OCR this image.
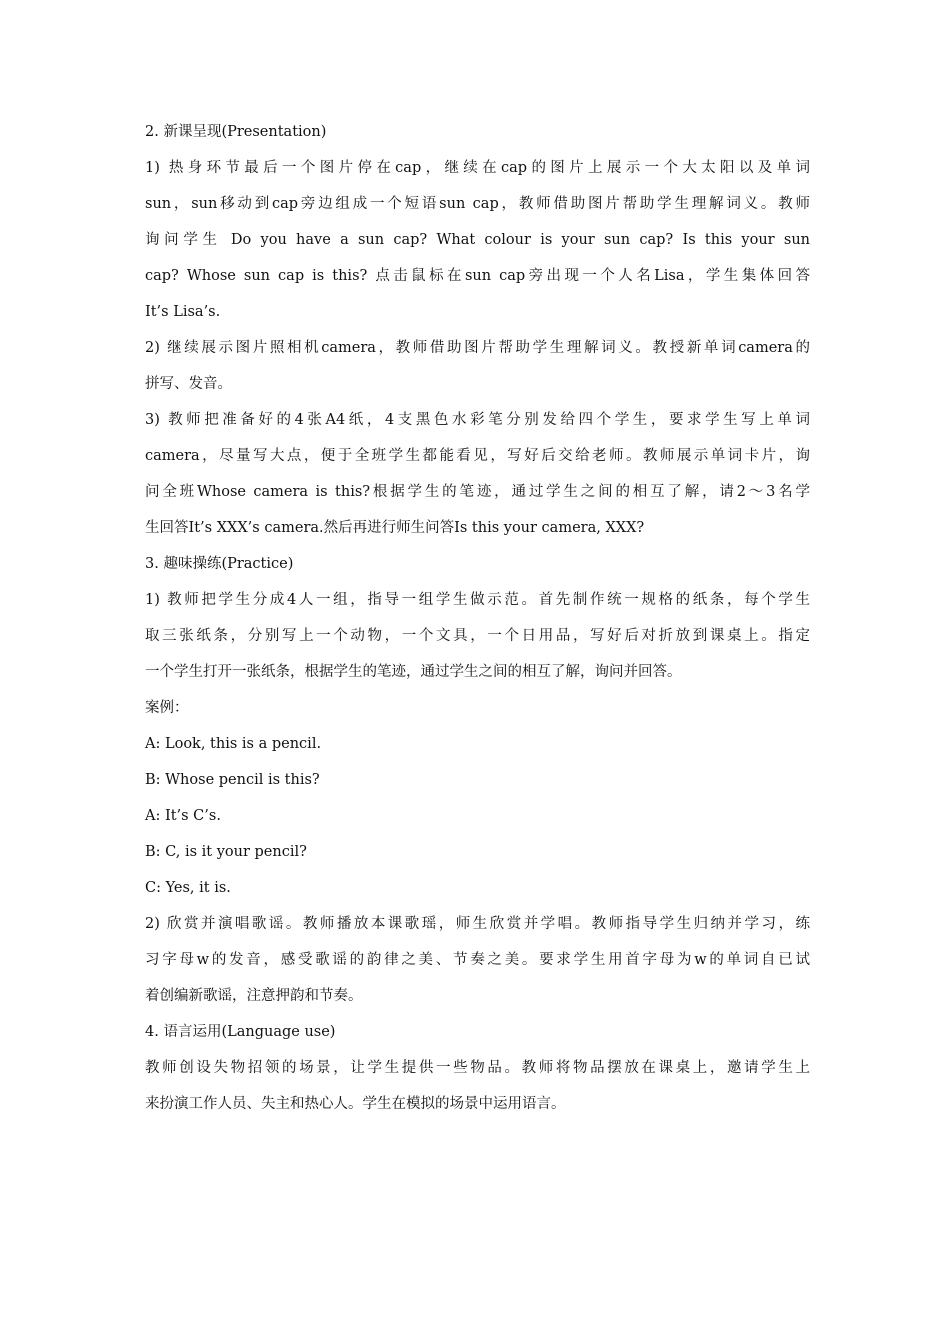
2. 新课呈现(Presentation)
1) 热身环节最后一个图片停在cap，继续在cap的图片上展示一个大太阳以及单词
sun，sun移动到cap旁边组成一个短语sun cap，教师借助图片帮助学生理解词义。教师
询问学生 Do you have a sun cap? What colour is your sun cap? Is this your sun
cap? Whose sun cap is this? 点击鼠标在sun cap旁出现一个人名Lisa，学生集体回答
It’s Lisa’s.
2) 继续展示图片照相机camera，教师借助图片帮助学生理解词义。教授新单词camera的
拼写、发音。
3) 教师把准备好的4张A4纸，4支黑色水彩笔分别发给四个学生，要求学生写上单词
camera，尽量写大点，便于全班学生都能看见，写好后交给老师。教师展示单词卡片，询
问全班Whose camera is this?根据学生的笔迹，通过学生之间的相互了解，请2〜3名学
生回答It’s XXX’s camera.然后再进行师生问答Is this your camera, XXX?
3. 趣味操练(Practice)
1) 教师把学生分成4人一组，指导一组学生做示范。首先制作统一规格的纸条，每个学生
取三张纸条，分别写上一个动物，一个文具，一个日用品，写好后对折放到课桌上。指定
一个学生打开一张纸条，根据学生的笔迹，通过学生之间的相互了解，询问并回答。
案例：
A: Look, this is a pencil.
B: Whose pencil is this?
A: It’s C’s.
B: C, is it your pencil?
C: Yes, it is.
2) 欣赏并演唱歌谣。教师播放本课歌瑶，师生欣赏并学唱。教师指导学生归纳并学习，练
习字母w的发音，感受歌谣的韵律之美、节奏之美。要求学生用首字母为w的单词自已试
着创编新歌谣，注意押韵和节奏。
4. 语言运用(Language use)
教师创设失物招领的场景，让学生提供一些物品。教师将物品摆放在课桌上，邀请学生上
来扮演工作人员、失主和热心人。学生在模拟的场景中运用语言。
